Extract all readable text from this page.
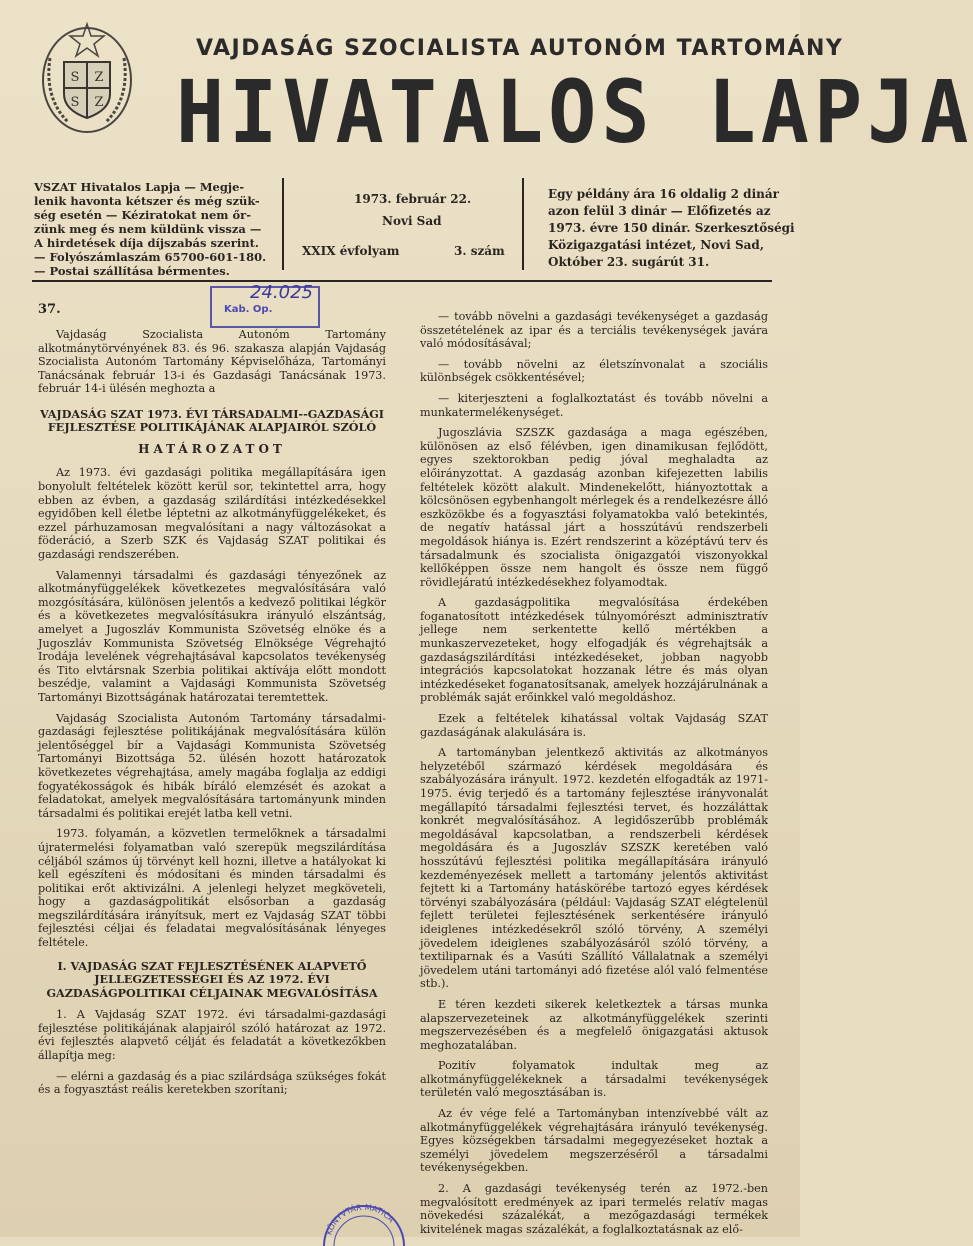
S Z
S Z
VAJDASÁG SZOCIALISTA AUTONÓM TARTOMÁNY
HIVATALOS LAPJA
VSZAT Hivatalos Lapja — Megje-
lenik havonta kétszer és még szük-
ség esetén — Kéziratokat nem őr-
zünk meg és nem küldünk vissza —
A hirdetések díja díjszabás szerint.
— Folyószámlaszám 65700-601-180.
— Postai szállítása bérmentes.
1973. február 22.
Novi Sad
XXIX évfolyam	3. szám
Egy példány ára 16 oldalig 2 dinár
azon felül 3 dinár — Előfizetés az
1973. évre 150 dinár. Szerkesztőségi
Közigazgatási intézet, Novi Sad,
Október 23. sugárút 31.
37.	Kab. Op.
24.025

Vajdaság Szocialista Autonóm Tartomány alkotmánytörvényének 83. és 96. szakasza alapján Vajdaság Szocialista Autonóm Tartomány Képviselőháza, Tartományi Tanácsának február 13-i és Gazdasági Tanácsának 1973. február 14-i ülésén meghozta a

VAJDASÁG SZAT 1973. ÉVI TÁRSADALMI--GAZDASÁGI FEJLESZTÉSE POLITIKÁJÁNAK ALAPJAIRÓL SZÓLÓ
HATÁROZATOT

Az 1973. évi gazdasági politika megállapítására igen bonyolult feltételek között kerül sor, tekintettel arra, hogy ebben az évben, a gazdaság szilárdítási intézkedésekkel egyidőben kell életbe léptetni az alkotmányfüggelékeket, és ezzel párhuzamosan megvalósítani a nagy változásokat a föderáció, a Szerb SZK és Vajdaság SZAT politikai és gazdasági rendszerében.

Valamennyi társadalmi és gazdasági tényezőnek az alkotmányfüggelékek következetes megvalósítására való mozgósítására, különösen jelentős a kedvező politikai légkör és a következetes megvalósításukra irányuló elszántság, amelyet a Jugoszláv Kommunista Szövetség elnöke és a Jugoszláv Kommunista Szövetség Elnöksége Végrehajtó Irodája levelének végrehajtásával kapcsolatos tevékenység és Tito elvtársnak Szerbia politikai aktívája előtt mondott beszédje, valamint a Vajdasági Kommunista Szövetség Tartományi Bizottságának határozatai teremtettek.

Vajdaság Szocialista Autonóm Tartomány társadalmi-gazdasági fejlesztése politikájának megvalósítására külön jelentőséggel bír a Vajdasági Kommunista Szövetség Tartományi Bizottsága 52. ülésén hozott határozatok következetes végrehajtása, amely magába foglalja az eddigi fogyatékosságok és hibák bíráló elemzését és azokat a feladatokat, amelyek megvalósítására tartományunk minden társadalmi és politikai erejét latba kell vetni.

1973. folyamán, a közvetlen termelőknek a társadalmi újratermelési folyamatban való szerepük megszilárdítása céljából számos új törvényt kell hozni, illetve a hatályokat ki kell egészíteni és módosítani és minden társadalmi és politikai erőt aktivizálni. A jelenlegi helyzet megköveteli, hogy a gazdaságpolitikát elsősorban a gazdaság megszilárdítására irányítsuk, mert ez Vajdaság SZAT többi fejlesztési céljai és feladatai megvalósításának lényeges feltétele.

I. VAJDASÁG SZAT FEJLESZTÉSÉNEK ALAPVETŐ JELLEGZETESSÉGEI ÉS AZ 1972. ÉVI GAZDASÁGPOLITIKAI CÉLJAINAK MEGVALÓSÍTÁSA

1. A Vajdaság SZAT 1972. évi társadalmi-gazdasági fejlesztése politikájának alapjairól szóló határozat az 1972. évi fejlesztés alapvető célját és feladatát a következőkben állapítja meg:

— elérni a gazdaság és a piac szilárdsága szükséges fokát és a fogyasztást reális keretekben szorítani;

— tovább növelni a gazdasági tevékenységet a gazdaság összetételének az ipar és a terciális tevékenységek javára való módosításával;

— tovább növelni az életszínvonalat a szociális különbségek csökkentésével;

— kiterjeszteni a foglalkoztatást és tovább növelni a munkatermelékenységet.

Jugoszlávia SZSZK gazdasága a maga egészében, különösen az első félévben, igen dinamikusan fejlődött, egyes szektorokban pedig jóval meghaladta az előirányzottat. A gazdaság azonban kifejezetten labilis feltételek között alakult. Mindenekelőtt, hiányoztottak a kölcsönösen egybenhangolt mérlegek és a rendelkezésre álló eszközökbe és a fogyasztási folyamatokba való betekintés, de negatív hatással járt a hosszútávú rendszerbeli megoldások hiánya is. Ezért rendszerint a középtávú terv és társadalmunk és szocialista önigazgatói viszonyokkal kellőképpen össze nem hangolt és össze nem függő rövidlejáratú intézkedésekhez folyamodtak.

A gazdaságpolitika megvalósítása érdekében foganatosított intézkedések túlnyomórészt adminisztratív jellege nem serkentette kellő mértékben a munkaszervezeteket, hogy elfogadják és végrehajtsák a gazdaságszilárdítási intézkedéseket, jobban nagyobb integrációs kapcsolatokat hozzanak létre és más olyan intézkedéseket foganatosítsanak, amelyek hozzájárulnának a problémák saját erőinkkel való megoldáshoz.

Ezek a feltételek kihatással voltak Vajdaság SZAT gazdaságának alakulására is.

A tartományban jelentkező aktivitás az alkotmányos helyzetéből származó kérdések megoldására és szabályozására irányult. 1972. kezdetén elfogadták az 1971-1975. évig terjedő és a tartomány fejlesztése irányvonalát megállapító társadalmi fejlesztési tervet, és hozzáláttak konkrét megvalósításához. A legidőszerűbb problémák megoldásával kapcsolatban, a rendszerbeli kérdések megoldására és a Jugoszláv SZSZK keretében való hosszútávú fejlesztési politika megállapítására irányuló kezdeményezések mellett a tartomány jelentős aktivitást fejtett ki a Tartomány hatáskörébe tartozó egyes kérdések törvényi szabályozására (például: Vajdaság SZAT elégtelenül fejlett területei fejlesztésének serkentésére irányuló ideiglenes intézkedésekről szóló törvény, A személyi jövedelem ideiglenes szabályozásáról szóló törvény, a textiliparnak és a Vasúti Szállító Vállalatnak a személyi jövedelem utáni tartományi adó fizetése alól való felmentése stb.).

E téren kezdeti sikerek keletkeztek a társas munka alapszervezeteinek az alkotmányfüggelékek szerinti megszervezésében és a megfelelő önigazgatási aktusok meghozatalában.

Pozitív folyamatok indultak meg az alkotmányfüggelékeknek a társadalmi tevékenységek területén való megosztásában is.

Az év vége felé a Tartományban intenzívebbé vált az alkotmányfüggelékek végrehajtására irányuló tevékenység. Egyes községekben társadalmi megegyezéseket hoztak a személyi jövedelem megszerzéséről a társadalmi tevékenységekben.

2. A gazdasági tevékenység terén az 1972.-ben megvalósított eredmények az ipari termelés relatív magas növekedési százalékát, a mezőgazdasági termékek kivitelének magas százalékát, a foglalkoztatásnak az elő-

KÖNYVTÁR MATICA
